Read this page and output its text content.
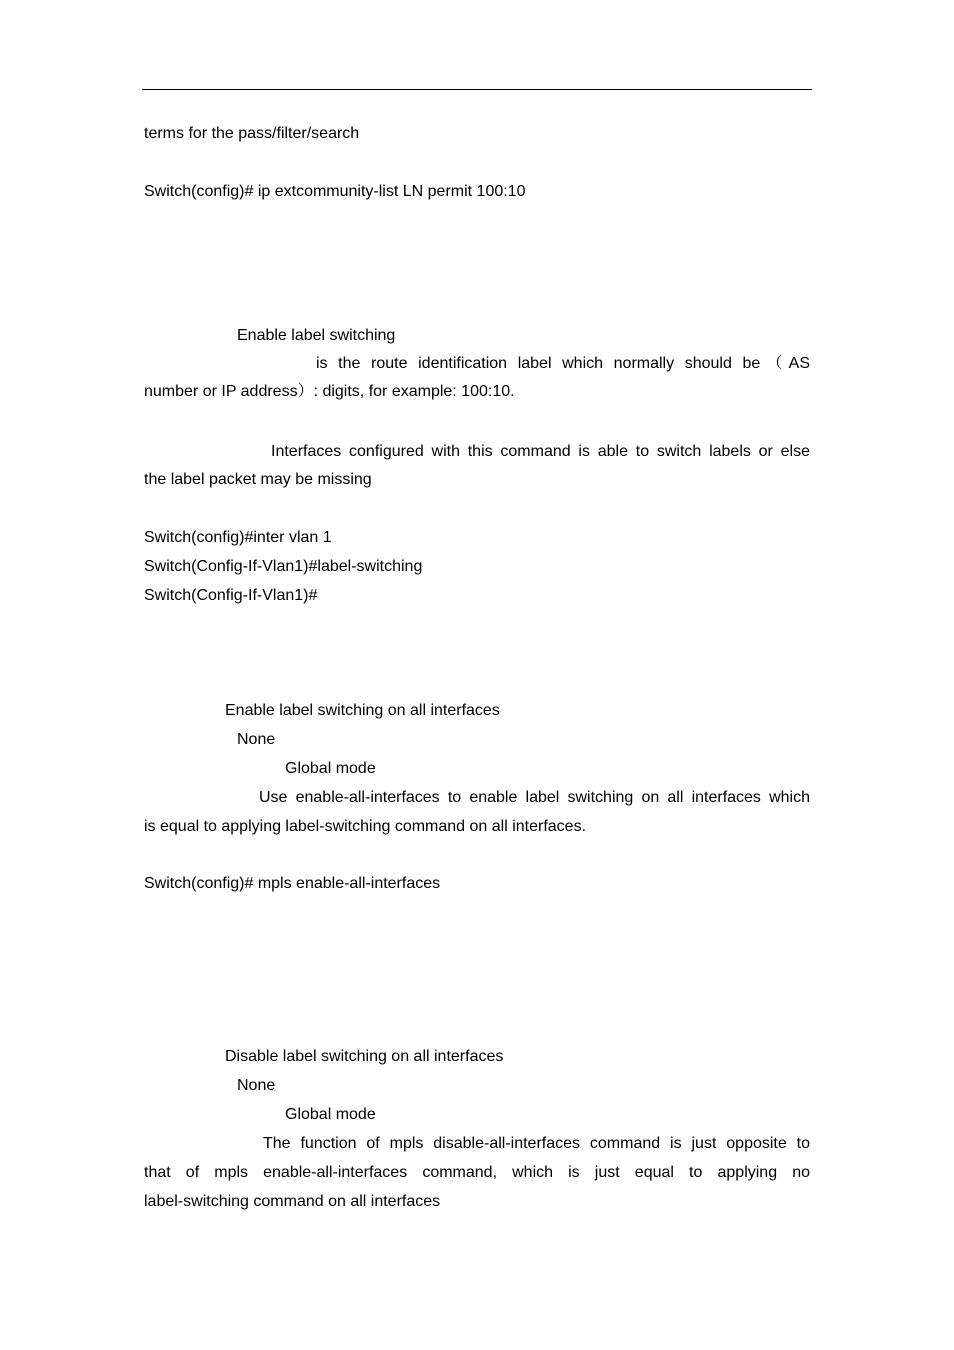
terms for the pass/filter/search
Switch(config)# ip extcommunity-list LN permit 100:10
Enable label switching
is the route identification label which normally should be（AS
number or IP address）: digits, for example: 100:10.
Interfaces configured with this command is able to switch labels or else
the label packet may be missing
Switch(config)#inter vlan 1
Switch(Config-If-Vlan1)#label-switching
Switch(Config-If-Vlan1)#
Enable label switching on all interfaces
None
Global mode
Use enable-all-interfaces to enable label switching on all interfaces which
is equal to applying label-switching command on all interfaces.
Switch(config)# mpls enable-all-interfaces
Disable label switching on all interfaces
None
Global mode
The function of mpls disable-all-interfaces command is just opposite to
that of mpls enable-all-interfaces command, which is just equal to applying no
label-switching command on all interfaces
